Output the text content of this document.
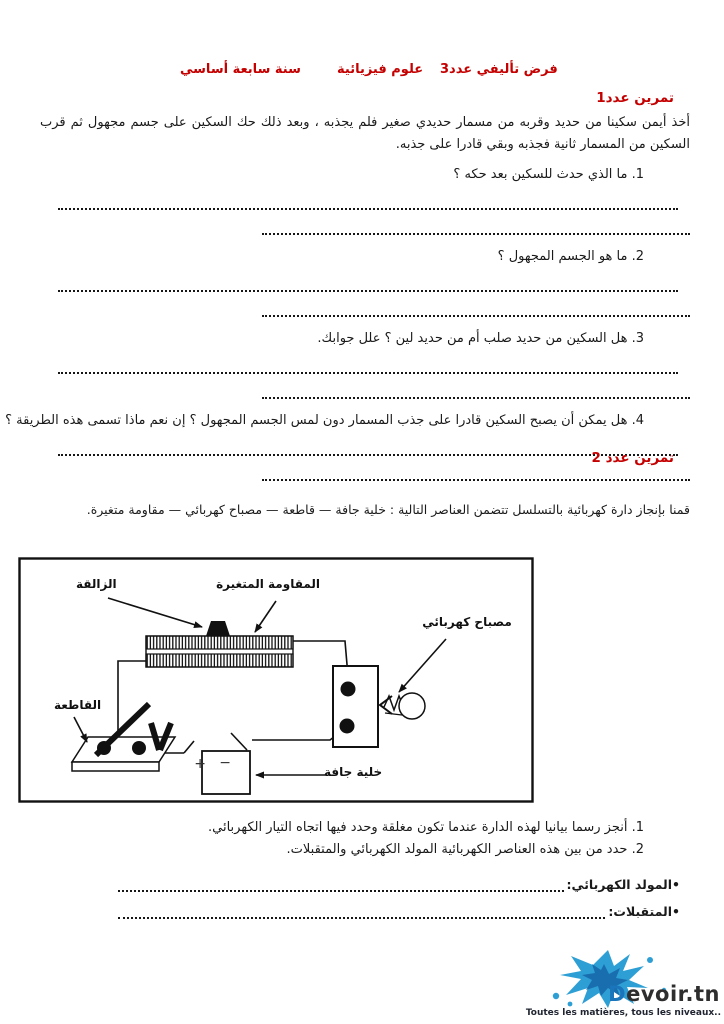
سنة سابعة أساسي	علوم فيزيائية فرض تأليفي عدد3
تمرين عدد1

أخذ أيمن سكينا من حديد وقربه من مسمار حديدي صغير فلم يجذبه ، وبعد ذلك حك السكين على جسم مجهول ثم قرب السكين من المسمار ثانية فجذبه وبقي قادرا على جذبه.

1. ما الذي حدث للسكين بعد حكه ؟
2. ما هو الجسم المجهول ؟
3. هل السكين من حديد صلب أم من حديد لين ؟ علل جوابك.
4. هل يمكن أن يصبح السكين قادرا على جذب المسمار دون لمس الجسم المجهول ؟ إن نعم ماذا تسمى هذه الطريقة ؟
تمرين عدد 2
قمنا بإنجاز دارة كهربائية بالتسلسل تتضمن العناصر التالية : خلية جافة — قاطعة — مصباح كهربائي — مقاومة متغيرة.
+ −
الزالقة	المقاومة المتغيرة
مصباح كهربائي
القاطعة
خلية جافة
1. أنجز رسما بيانيا لهذه الدارة عندما تكون مغلقة وحدد فيها اتجاه التيار الكهربائي.
2. حدد من بين هذه العناصر الكهربائية المولد الكهربائي والمتقبلات.
•المولد الكهربائي:
•المتقبلات:
Devoir.tn
Toutes les matières, tous les niveaux..
